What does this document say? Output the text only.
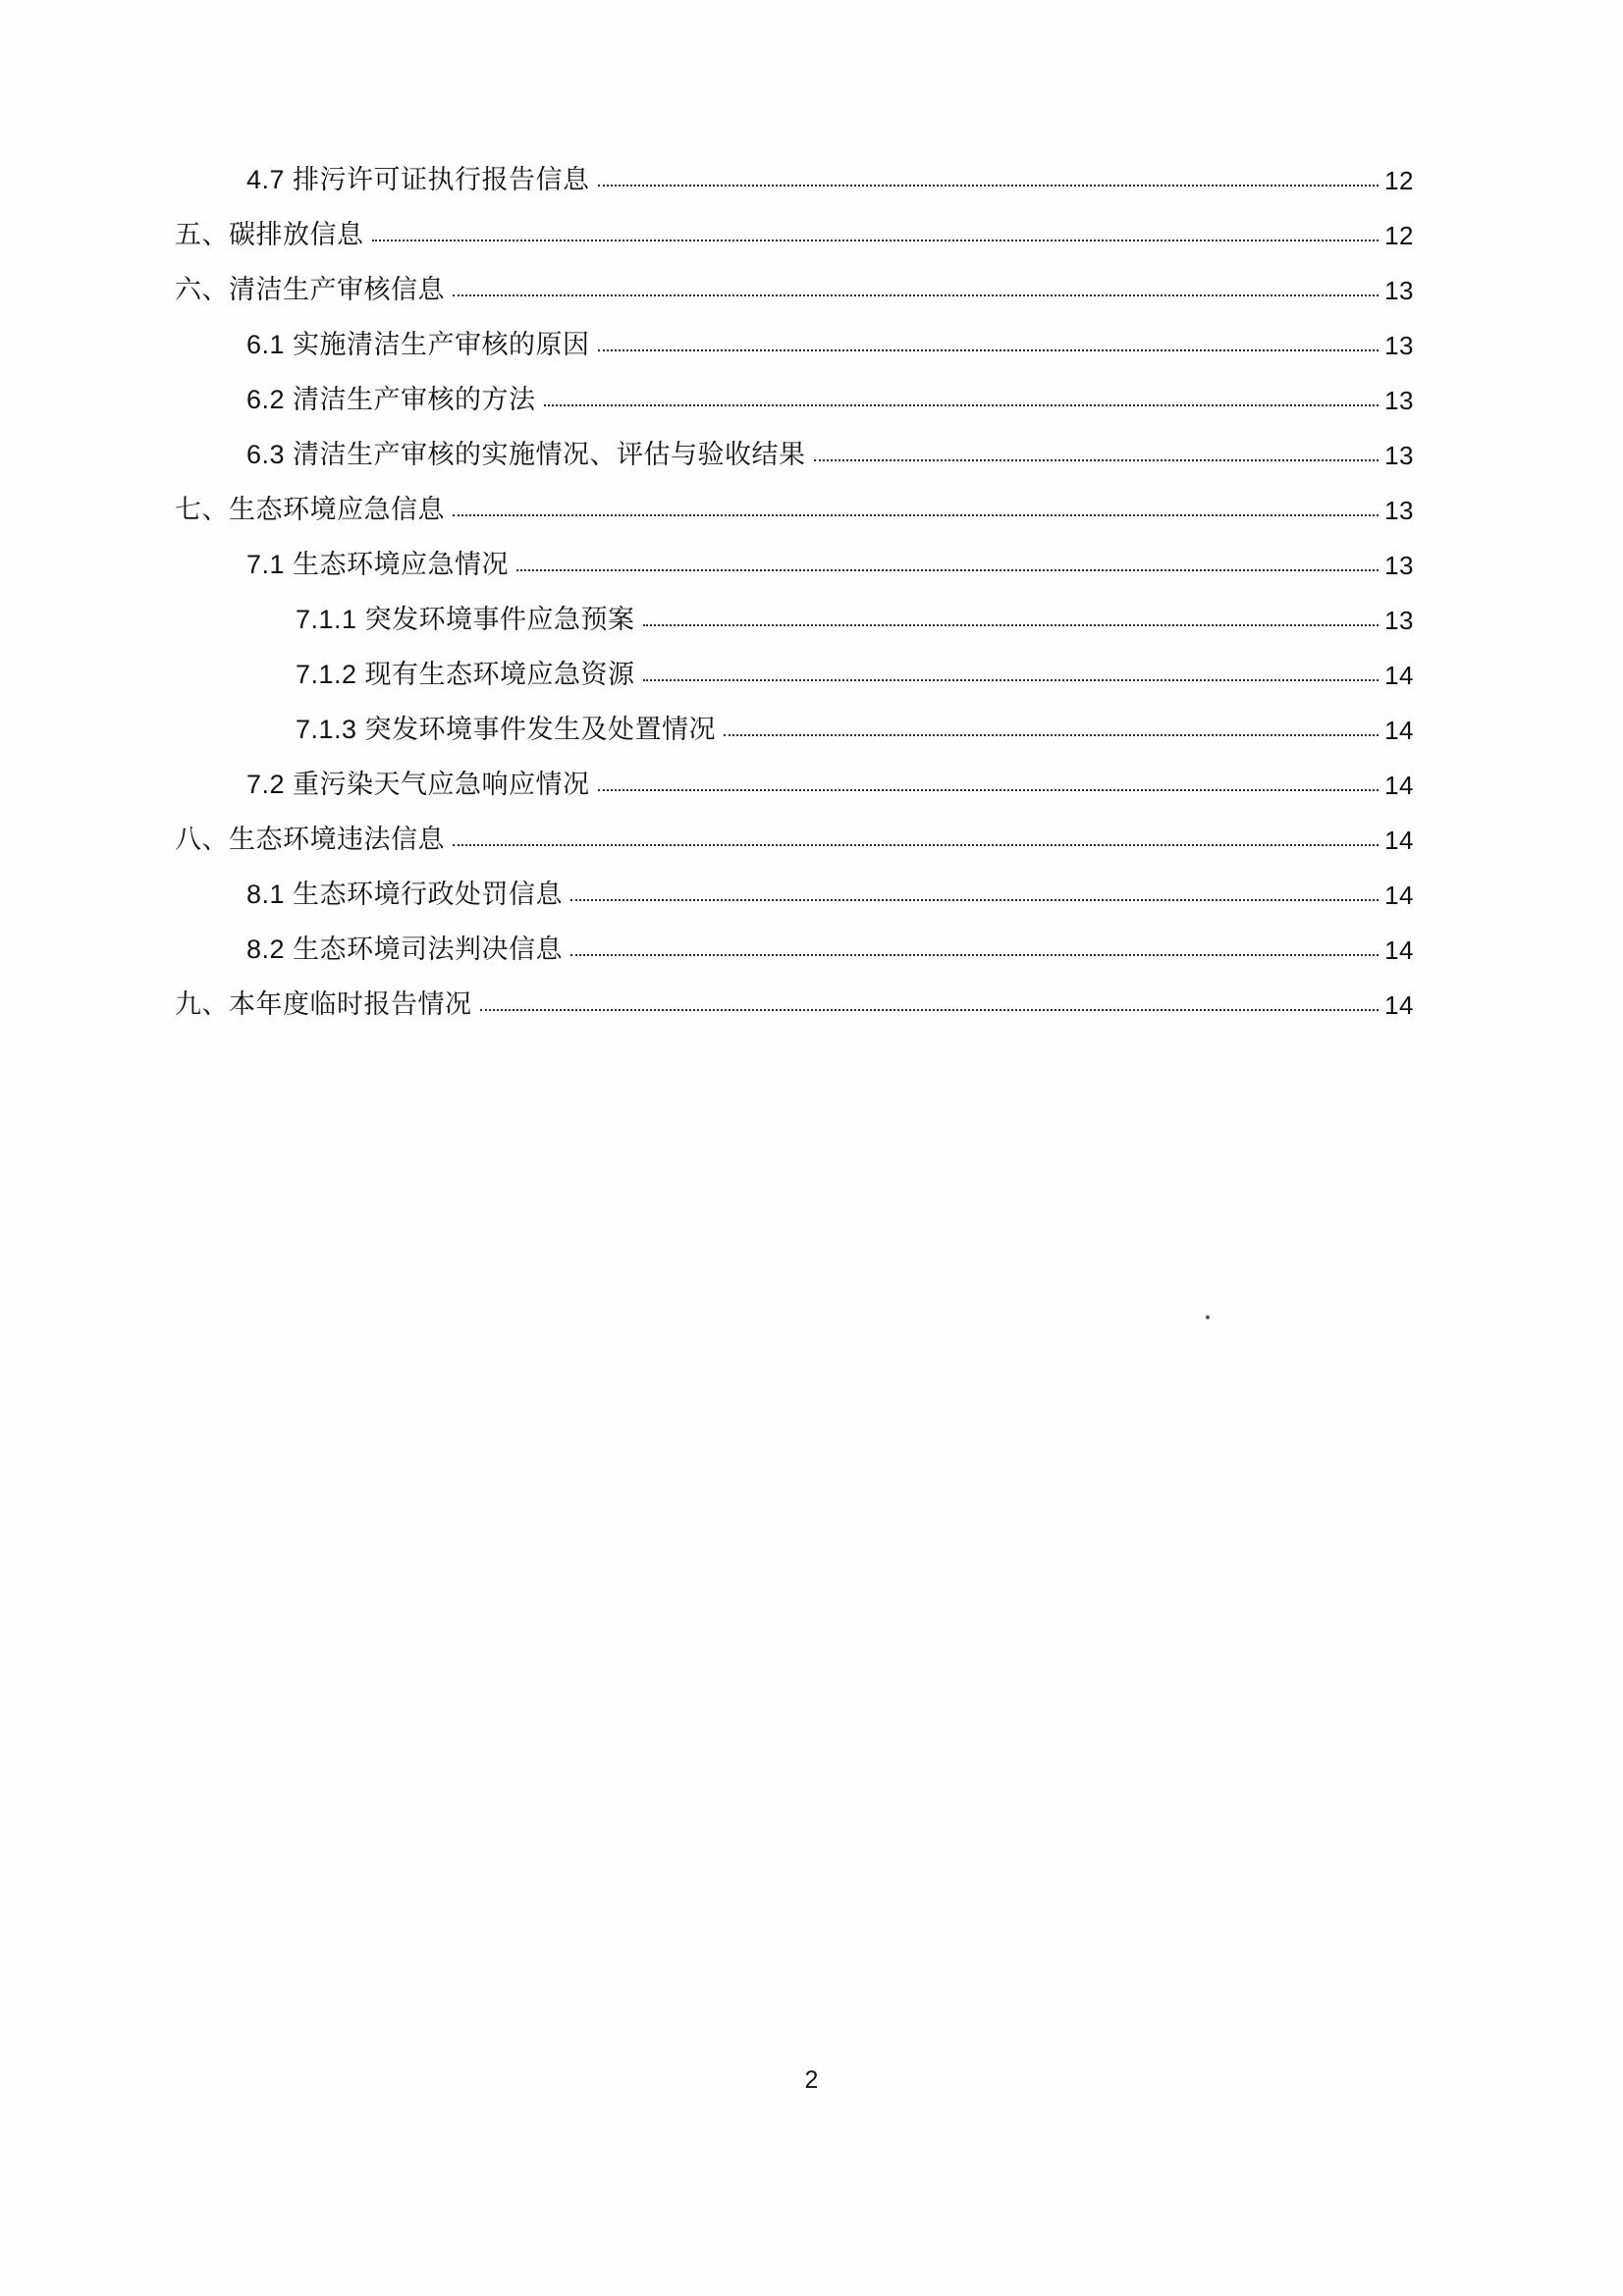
4.7 排污许可证执行报告信息	12
五、碳排放信息	12
六、清洁生产审核信息	13
6.1 实施清洁生产审核的原因	13
6.2 清洁生产审核的方法	13
6.3 清洁生产审核的实施情况、评估与验收结果	13
七、生态环境应急信息	13
7.1 生态环境应急情况	13
7.1.1 突发环境事件应急预案	13
7.1.2 现有生态环境应急资源	14
7.1.3 突发环境事件发生及处置情况	14
7.2 重污染天气应急响应情况	14
八、生态环境违法信息	14
8.1 生态环境行政处罚信息	14
8.2 生态环境司法判决信息	14
九、本年度临时报告情况	14
2
